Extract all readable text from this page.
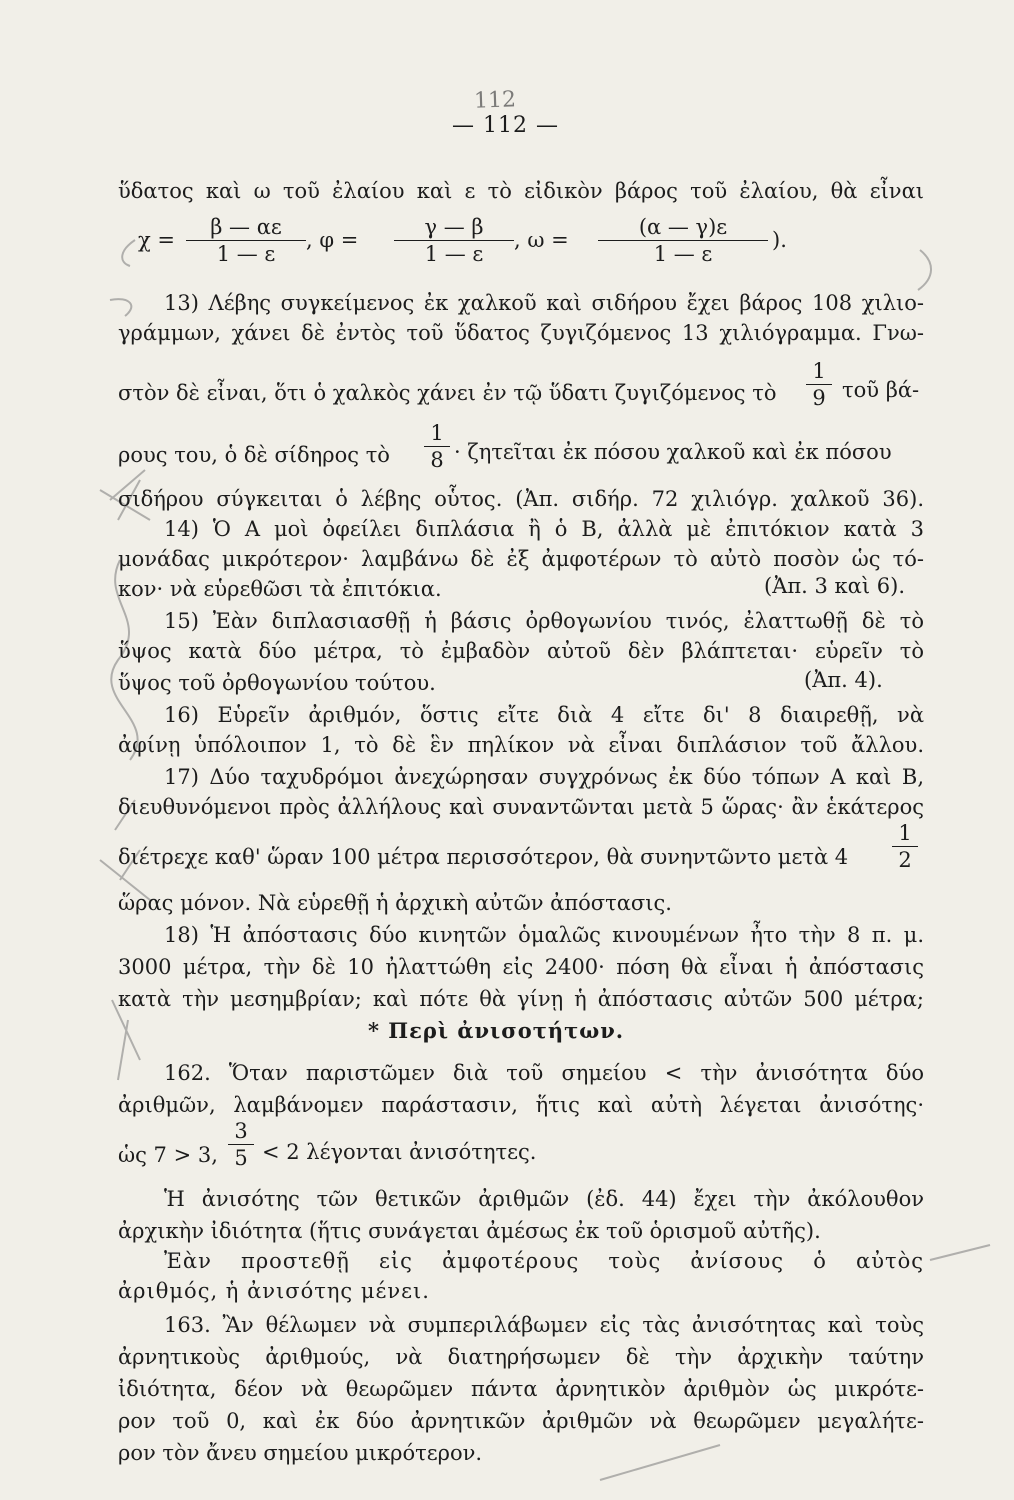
112
— 112 —
ὕδατος καὶ ω τοῦ ἐλαίου καὶ ε τὸ εἰδικὸν βάρος τοῦ ἐλαίου, θὰ εἶναι
$\chi = \frac{\beta — \alpha\varepsilon}{1 — \varepsilon}$ , $\varphi = \frac{\gamma — \beta}{1 — \varepsilon}$ , $\omega = \frac{(\alpha — \gamma)\varepsilon}{1 — \varepsilon}$ ).
13) Λέβης συγκείμενος ἐκ χαλκοῦ καὶ σιδήρου ἔχει βάρος 108 χιλιο-
γράμμων, χάνει δὲ ἐντὸς τοῦ ὕδατος ζυγιζόμενος 13 χιλιόγραμμα. Γνω-
στὸν δὲ εἶναι, ὅτι ὁ χαλκὸς χάνει ἐν τῷ ὕδατι ζυγιζόμενος τὸ	$\frac{1}{9}$ τοῦ βά-
ρους του, ὁ δὲ σίδηρος τὸ	$\frac{1}{8}$ · ζητεῖται ἐκ πόσου χαλκοῦ καὶ ἐκ πόσου
σιδήρου σύγκειται ὁ λέβης οὗτος. (Ἀπ. σιδήρ. 72 χιλιόγρ. χαλκοῦ 36).
14) Ὁ Α μοὶ ὀφείλει διπλάσια ἢ ὁ Β, ἀλλὰ μὲ ἐπιτόκιον κατὰ 3
μονάδας μικρότερον· λαμβάνω δὲ ἐξ ἀμφοτέρων τὸ αὐτὸ ποσὸν ὡς τό-
κον· νὰ εὑρεθῶσι τὰ ἐπιτόκια.	(Ἀπ. 3 καὶ 6).
15) Ἐὰν διπλασιασθῇ ἡ βάσις ὀρθογωνίου τινός, ἐλαττωθῇ δὲ τὸ
ὕψος κατὰ δύο μέτρα, τὸ ἐμβαδὸν αὐτοῦ δὲν βλάπτεται· εὑρεῖν τὸ
ὕψος τοῦ ὀρθογωνίου τούτου.	(Ἀπ. 4).
16) Εὑρεῖν ἀριθμόν, ὅστις εἴτε διὰ 4 εἴτε δι' 8 διαιρεθῇ, νὰ
ἀφίνῃ ὑπόλοιπον 1, τὸ δὲ ἓν πηλίκον νὰ εἶναι διπλάσιον τοῦ ἄλλου.
17) Δύο ταχυδρόμοι ἀνεχώρησαν συγχρόνως ἐκ δύο τόπων Α καὶ Β,
διευθυνόμενοι πρὸς ἀλλήλους καὶ συναντῶνται μετὰ 5 ὥρας· ἂν ἑκάτερος
διέτρεχε καθ' ὥραν 100 μέτρα περισσότερον, θὰ συνηντῶντο μετὰ 4	$\frac{1}{2}$
ὥρας μόνον. Νὰ εὑρεθῇ ἡ ἀρχικὴ αὐτῶν ἀπόστασις.
18) Ἡ ἀπόστασις δύο κινητῶν ὁμαλῶς κινουμένων ἦτο τὴν 8 π. μ.
3000 μέτρα, τὴν δὲ 10 ἠλαττώθη εἰς 2400· πόση θὰ εἶναι ἡ ἀπόστασις
κατὰ τὴν μεσημβρίαν; καὶ πότε θὰ γίνῃ ἡ ἀπόστασις αὐτῶν 500 μέτρα;
* Περὶ ἀνισοτήτων.
162. Ὅταν παριστῶμεν διὰ τοῦ σημείου < τὴν ἀνισότητα δύο
ἀριθμῶν, λαμβάνομεν παράστασιν, ἥτις καὶ αὐτὴ λέγεται ἀνισότης·
ὡς 7 > 3, $\frac{3}{5} < 2$ λέγονται ἀνισότητες.
Ἡ ἀνισότης τῶν θετικῶν ἀριθμῶν (ἐδ. 44) ἔχει τὴν ἀκόλουθον
ἀρχικὴν ἰδιότητα (ἥτις συνάγεται ἀμέσως ἐκ τοῦ ὁρισμοῦ αὐτῆς).
Ἐὰν προστεθῇ εἰς ἀμφοτέρους τοὺς ἀνίσους ὁ αὐτὸς
ἀριθμός, ἡ ἀνισότης μένει.
163. Ἂν θέλωμεν νὰ συμπεριλάβωμεν εἰς τὰς ἀνισότητας καὶ τοὺς
ἀρνητικοὺς ἀριθμούς, νὰ διατηρήσωμεν δὲ τὴν ἀρχικὴν ταύτην
ἰδιότητα, δέον νὰ θεωρῶμεν πάντα ἀρνητικὸν ἀριθμὸν ὡς μικρότε-
ρον τοῦ 0, καὶ ἐκ δύο ἀρνητικῶν ἀριθμῶν νὰ θεωρῶμεν μεγαλήτε-
ρον τὸν ἄνευ σημείου μικρότερον.
